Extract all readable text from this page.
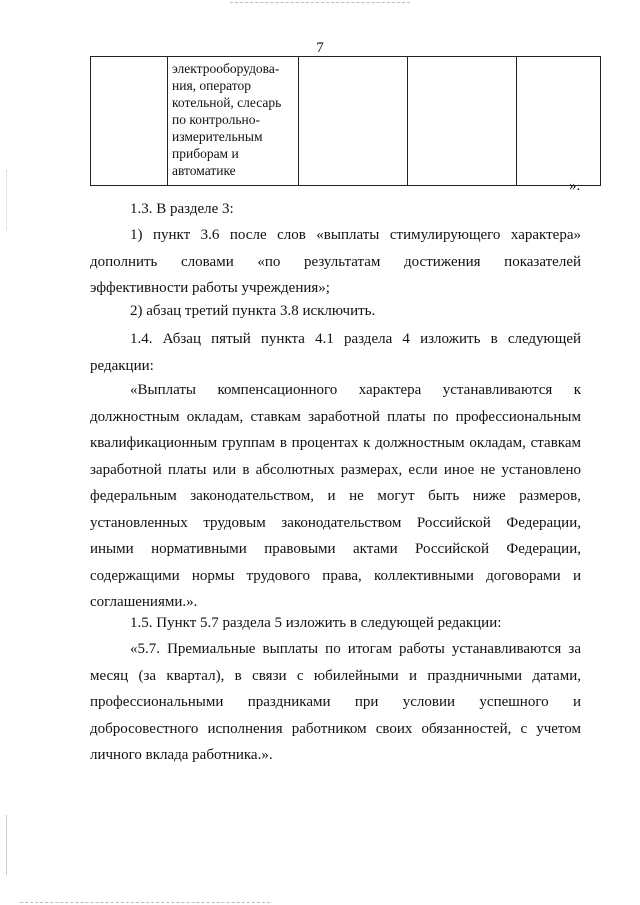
7
	электрооборудова-
ния, оператор
котельной, слесарь
по контрольно-
измерительным
приборам и
автоматике			
».

1.3. В разделе 3:

1) пункт 3.6 после слов «выплаты стимулирующего характера» дополнить словами «по результатам достижения показателей эффективности работы учреждения»;

2) абзац третий пункта 3.8 исключить.

1.4. Абзац пятый пункта 4.1 раздела 4 изложить в следующей редакции:

«Выплаты компенсационного характера устанавливаются к должностным окладам, ставкам заработной платы по профессиональным квалификационным группам в процентах к должностным окладам, ставкам заработной платы или в абсолютных размерах, если иное не установлено федеральным законодательством, и не могут быть ниже размеров, установленных трудовым законодательством Российской Федерации, иными нормативными правовыми актами Российской Федерации, содержащими нормы трудового права, коллективными договорами и соглашениями.».

1.5. Пункт 5.7 раздела 5 изложить в следующей редакции:

«5.7. Премиальные выплаты по итогам работы устанавливаются за месяц (за квартал), в связи с юбилейными и праздничными датами, профессиональными праздниками при условии успешного и добросовестного исполнения работником своих обязанностей, с учетом личного вклада работника.».
